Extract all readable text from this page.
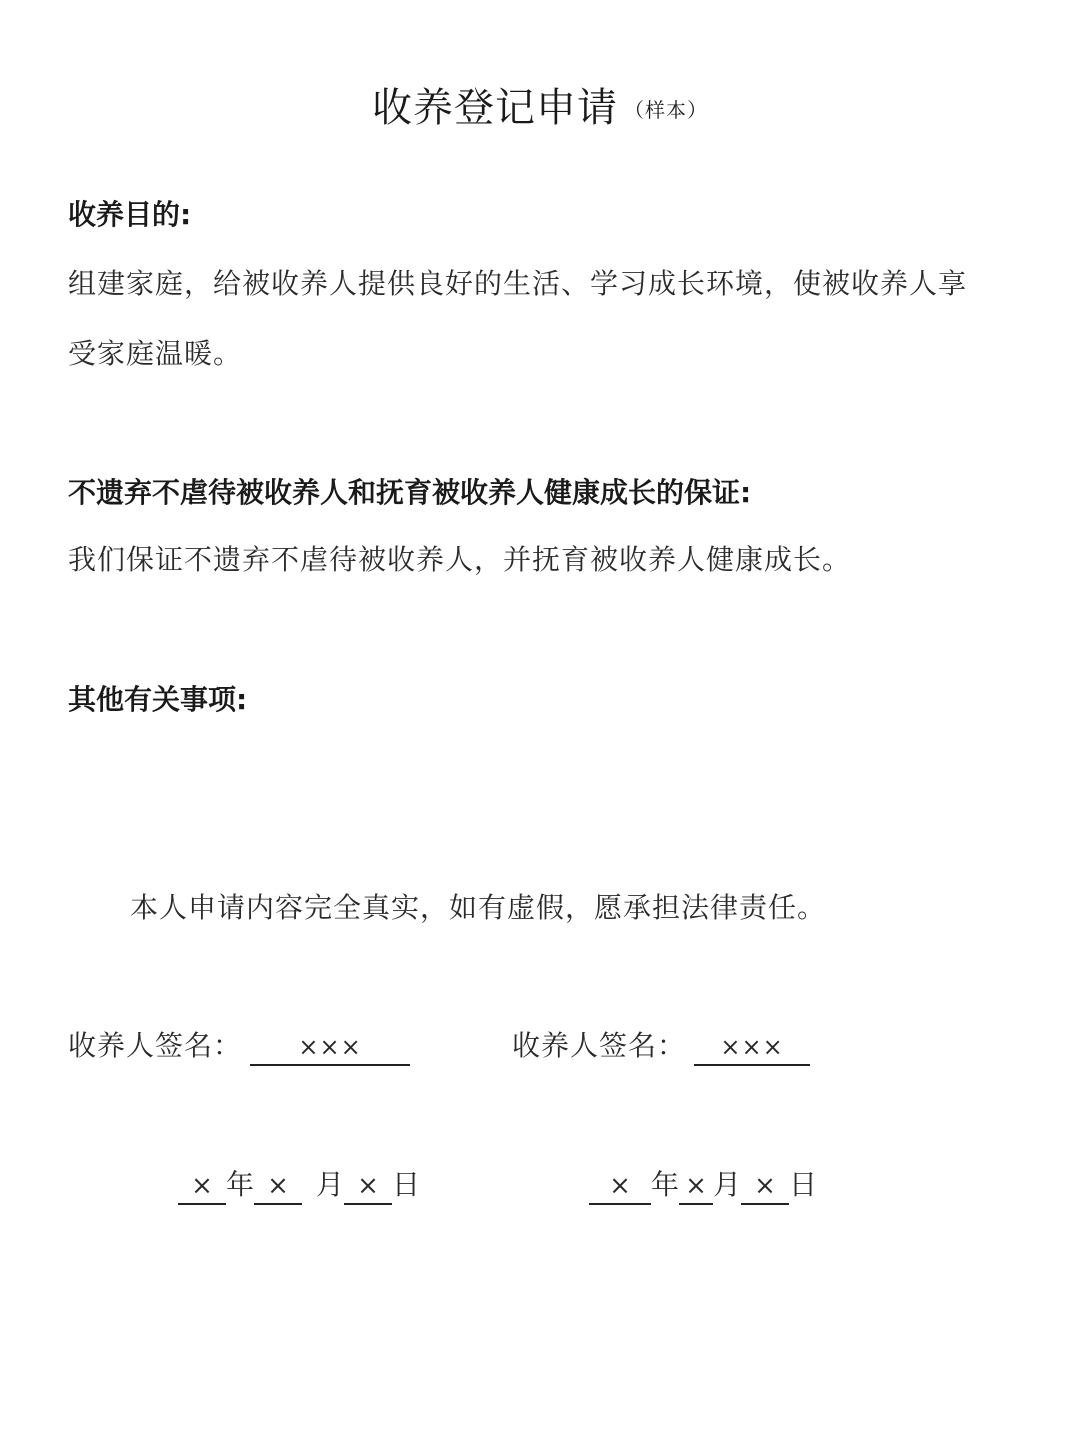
收养登记申请 （样本）
收养目的:
组建家庭，给被收养人提供良好的生活、学习成长环境，使被收养人享
受家庭温暖。
不遗弃不虐待被收养人和抚育被收养人健康成长的保证:
我们保证不遗弃不虐待被收养人，并抚育被收养人健康成长。
其他有关事项:
本人申请内容完全真实，如有虚假，愿承担法律责任。
收养人签名： ×××	收养人签名： ×××
× 年 × 月 × 日	× 年 × 月 × 日
